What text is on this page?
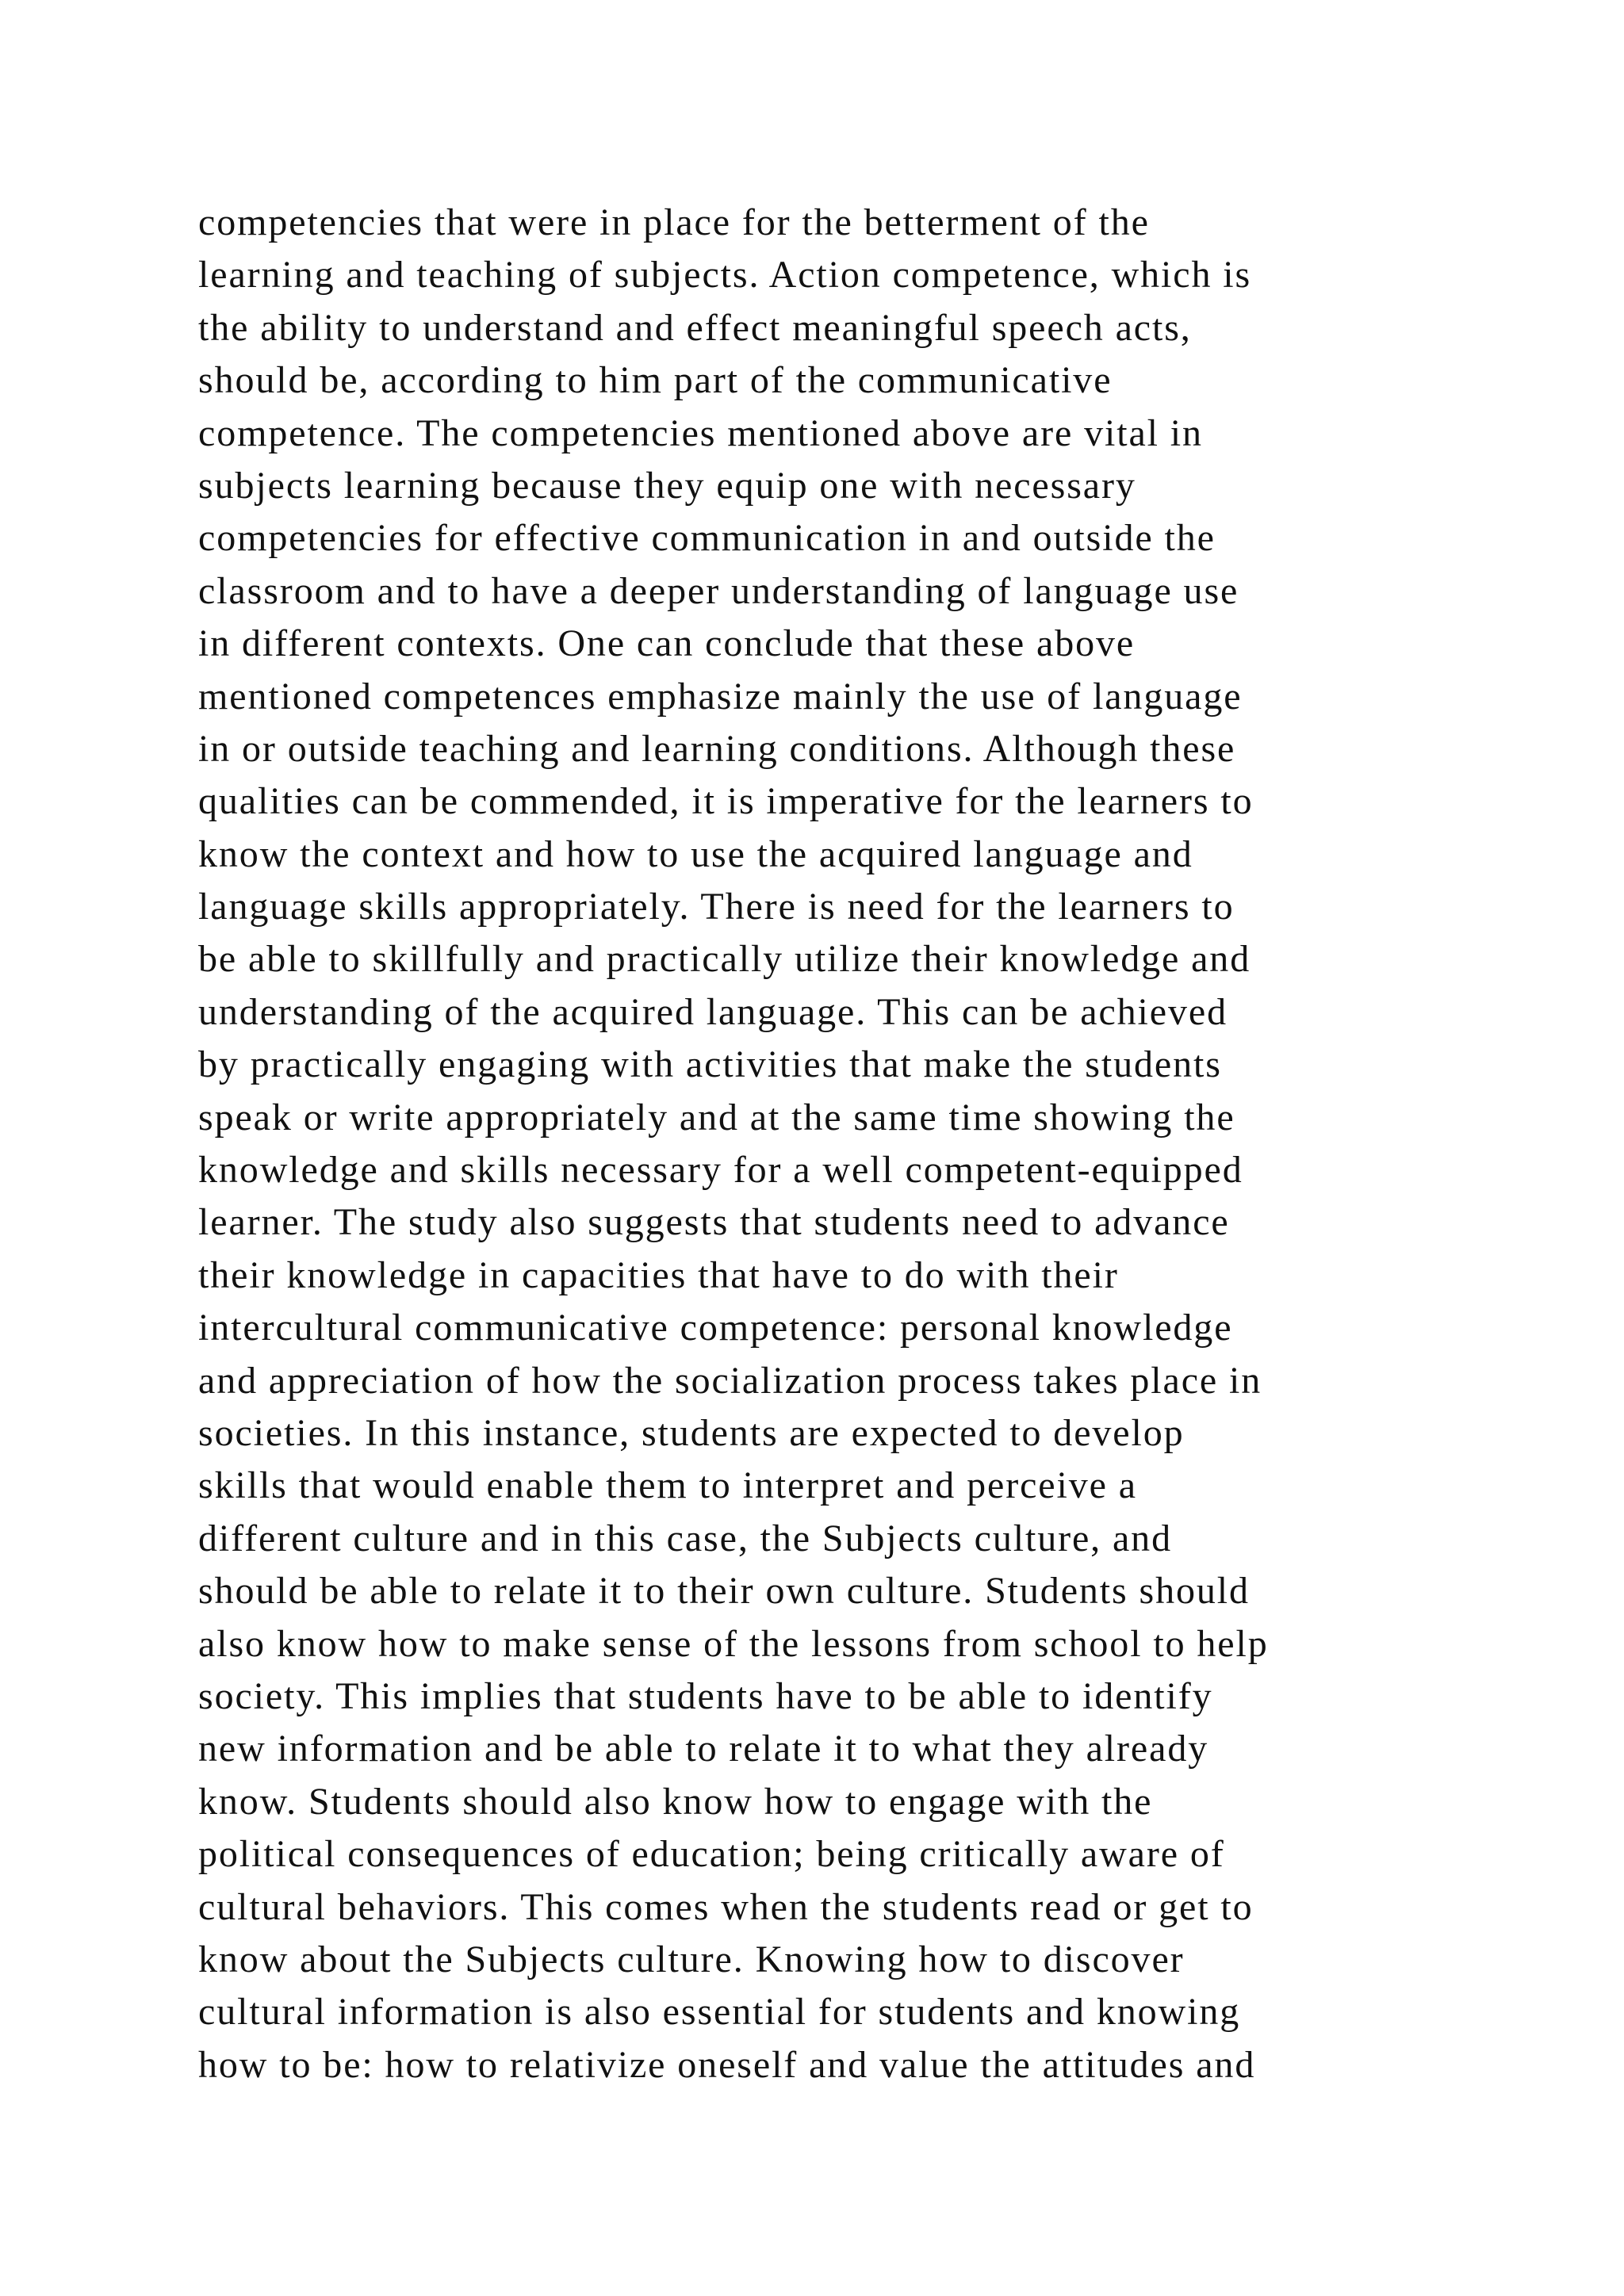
competencies that were in place for the betterment of the
learning and teaching of subjects. Action competence, which is
the ability to understand and effect meaningful speech acts,
should be, according to him part of the communicative
competence. The competencies mentioned above are vital in
subjects learning because they equip one with necessary
competencies for effective communication in and outside the
classroom and to have a deeper understanding of language use
in different contexts. One can conclude that these above
mentioned competences emphasize mainly the use of language
in or outside teaching and learning conditions. Although these
qualities can be commended, it is imperative for the learners to
know the context and how to use the acquired language and
language skills appropriately. There is need for the learners to
be able to skillfully and practically utilize their knowledge and
understanding of the acquired language. This can be achieved
by practically engaging with activities that make the students
speak or write appropriately and at the same time showing the
knowledge and skills necessary for a well competent-equipped
learner. The study also suggests that students need to advance
their knowledge in capacities that have to do with their
intercultural communicative competence: personal knowledge
and appreciation of how the socialization process takes place in
societies. In this instance, students are expected to develop
skills that would enable them to interpret and perceive a
different culture and in this case, the Subjects culture, and
should be able to relate it to their own culture. Students should
also know how to make sense of the lessons from school to help
society. This implies that students have to be able to identify
new information and be able to relate it to what they already
know. Students should also know how to engage with the
political consequences of education; being critically aware of
cultural behaviors. This comes when the students read or get to
know about the Subjects culture. Knowing how to discover
cultural information is also essential for students and knowing
how to be: how to relativize oneself and value the attitudes and
